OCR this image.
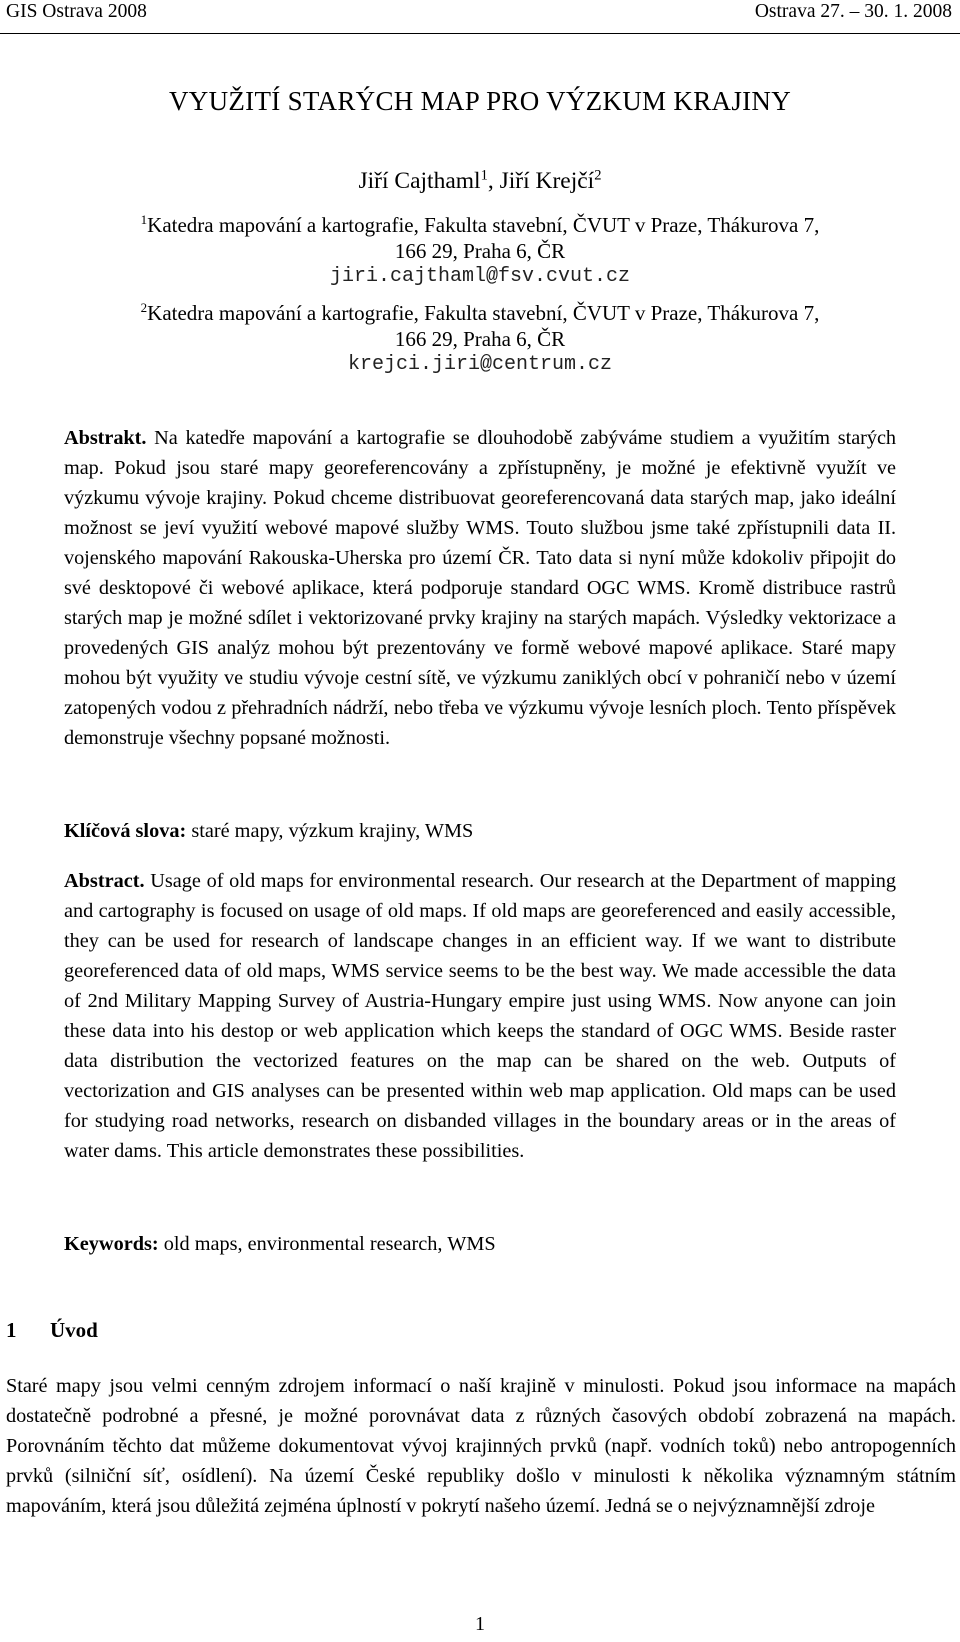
GIS Ostrava 2008	Ostrava 27. – 30. 1. 2008
VYUŽITÍ STARÝCH MAP PRO VÝZKUM KRAJINY
Jiří Cajthaml$^1$, Jiří Krejčí$^2$
$^1$Katedra mapování a kartografie, Fakulta stavební, ČVUT v Praze, Thákurova 7,
166 29, Praha 6, ČR
jiri.cajthaml@fsv.cvut.cz
$^2$Katedra mapování a kartografie, Fakulta stavební, ČVUT v Praze, Thákurova 7,
166 29, Praha 6, ČR
krejci.jiri@centrum.cz
Abstrakt. Na katedře mapování a kartografie se dlouhodobě zabýváme studiem a využitím starých map. Pokud jsou staré mapy georeferencovány a zpřístupněny, je možné je efektivně využít ve výzkumu vývoje krajiny. Pokud chceme distribuovat georeferencovaná data starých map, jako ideální možnost se jeví využití webové mapové služby WMS. Touto službou jsme také zpřístupnili data II. vojenského mapování Rakouska-Uherska pro území ČR. Tato data si nyní může kdokoliv připojit do své desktopové či webové aplikace, která podporuje standard OGC WMS. Kromě distribuce rastrů starých map je možné sdílet i vektorizované prvky krajiny na starých mapách. Výsledky vektorizace a provedených GIS analýz mohou být prezentovány ve formě webové mapové aplikace. Staré mapy mohou být využity ve studiu vývoje cestní sítě, ve výzkumu zaniklých obcí v pohraničí nebo v území zatopených vodou z přehradních nádrží, nebo třeba ve výzkumu vývoje lesních ploch. Tento příspěvek demonstruje všechny popsané možnosti.
Klíčová slova: staré mapy, výzkum krajiny, WMS
Abstract. Usage of old maps for environmental research. Our research at the Department of mapping and cartography is focused on usage of old maps. If old maps are georeferenced and easily accessible, they can be used for research of landscape changes in an efficient way. If we want to distribute georeferenced data of old maps, WMS service seems to be the best way. We made accessible the data of 2nd Military Mapping Survey of Austria-Hungary empire just using WMS. Now anyone can join these data into his destop or web application which keeps the standard of OGC WMS. Beside raster data distribution the vectorized features on the map can be shared on the web. Outputs of vectorization and GIS analyses can be presented within web map application. Old maps can be used for studying road networks, research on disbanded villages in the boundary areas or in the areas of water dams. This article demonstrates these possibilities.
Keywords: old maps, environmental research, WMS
1 Úvod
Staré mapy jsou velmi cenným zdrojem informací o naší krajině v minulosti. Pokud jsou informace na mapách dostatečně podrobné a přesné, je možné porovnávat data z různých časových období zobrazená na mapách. Porovnáním těchto dat můžeme dokumentovat vývoj krajinných prvků (např. vodních toků) nebo antropogenních prvků (silniční síť, osídlení). Na území České republiky došlo v minulosti k několika významným státním mapováním, která jsou důležitá zejména úplností v pokrytí našeho území. Jedná se o nejvýznamnější zdroje
1
